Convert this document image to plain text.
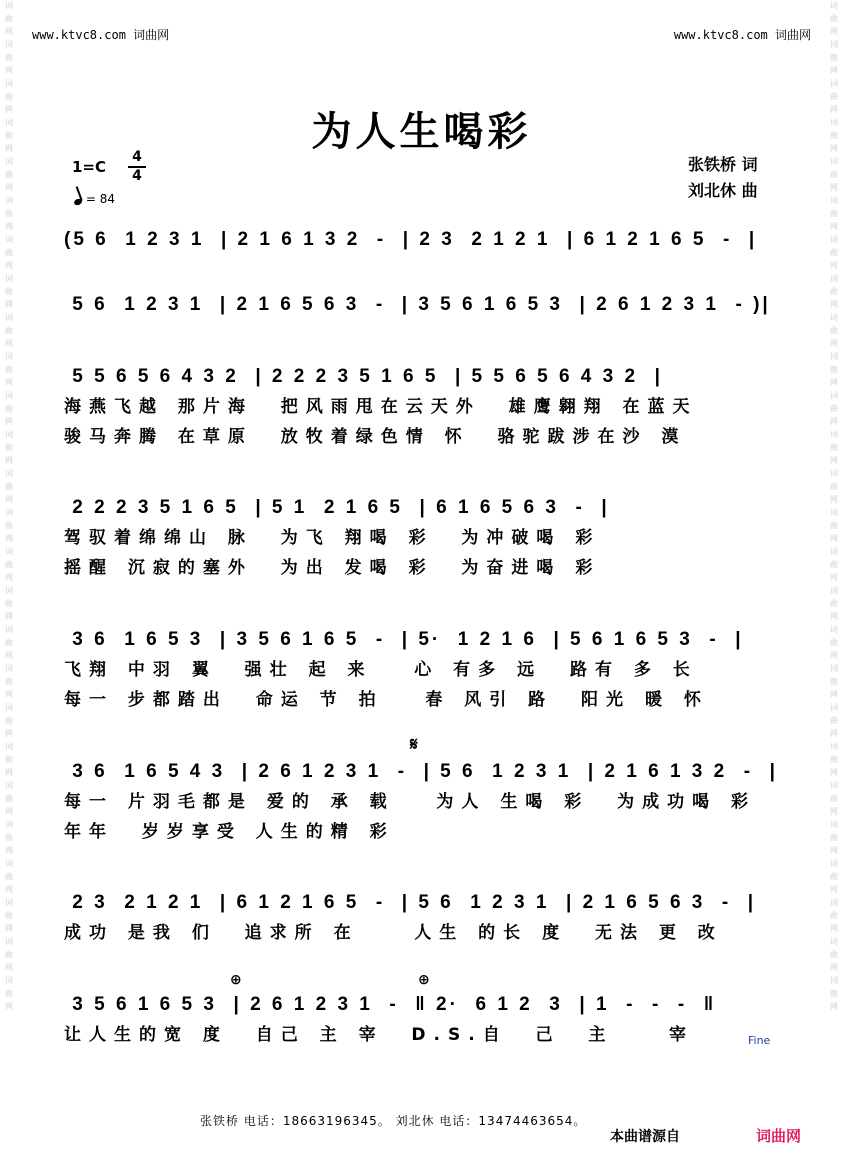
词
曲
网
词
曲
网
词
曲
网
词
曲
网
词
曲
网
词
曲
网
词
曲
网
词
曲
网
词
曲
网
词
曲
网
词
曲
网
词
曲
网
词
曲
网
词
曲
网
词
曲
网
词
曲
网
词
曲
网
词
曲
网
词
曲
网
词
曲
网
词
曲
网
词
曲
网
词
曲
网
词
曲
网
词
曲
网
词
曲
网
词
曲
网
词
曲
网
词
曲
网
词
曲
网
词
曲
网
词
曲
网
词
曲
网
词
曲
网
词
曲
网
词
曲
网
词
曲
网
词
曲
网
词
曲
网
词
曲
网
词
曲
网
词
曲
网
词
曲
网
词
曲
网
词
曲
网
词
曲
网
词
曲
网
词
曲
网
词
曲
网
词
曲
网
词
曲
网
词
曲
网
www.ktvc8.com 词曲网	www.ktvc8.com 词曲网
为人生喝彩
1=C
4
4
= 84
张铁桥 词
刘北休 曲
(5 6  1 2 3 1  | 2 1 6 1 3 2  -  | 2 3  2 1 2 1  | 6 1 2 1 6 5  -  |
5 6  1 2 3 1  | 2 1 6 5 6 3  -  | 3 5 6 1 6 5 3  | 2 6 1 2 3 1  - )|
5 5 6 5 6 4 3 2  | 2 2 2 3 5 1 6 5  | 5 5 6 5 6 4 3 2  |
海燕飞越 那片海  把风雨甩在云天外  雄鹰翱翔 在蓝天
骏马奔腾 在草原  放牧着绿色情 怀  骆驼跋涉在沙 漠
2 2 2 3 5 1 6 5  | 5 1  2 1 6 5  | 6 1 6 5 6 3  -  |
驾驭着绵绵山 脉  为飞 翔喝 彩  为冲破喝 彩
摇醒 沉寂的塞外  为出 发喝 彩  为奋进喝 彩
3 6  1 6 5 3  | 3 5 6 1 6 5  -  | 5·  1 2 1 6  | 5 6 1 6 5 3  -  |
飞翔 中羽 翼  强壮 起 来   心 有多 远  路有 多 长
每一 步都踏出  命运 节 拍   春 风引 路  阳光 暖 怀
3 6  1 6 5 4 3  | 2 6 1 2 3 1  -  | 5 6  1 2 3 1  | 2 1 6 1 3 2  -  |
每一 片羽毛都是 爱的 承 载   为人 生喝 彩  为成功喝 彩
年年  岁岁享受 人生的精 彩
2 3  2 1 2 1  | 6 1 2 1 6 5  -  | 5 6  1 2 3 1  | 2 1 6 5 6 3  -  |
成功 是我 们  追求所 在    人生 的长 度  无法 更 改
3 5 6 1 6 5 3  | 2 6 1 2 3 1  -  ‖ 2·  6 1 2  3  | 1  -  -  -  ‖
让人生的宽 度  自己 主 宰  D.S.自  己  主    宰
𝄋
⊕	⊕
Fine
张铁桥 电话：18663196345。 刘北休 电话：13474463654。
本曲谱源自	词曲网
